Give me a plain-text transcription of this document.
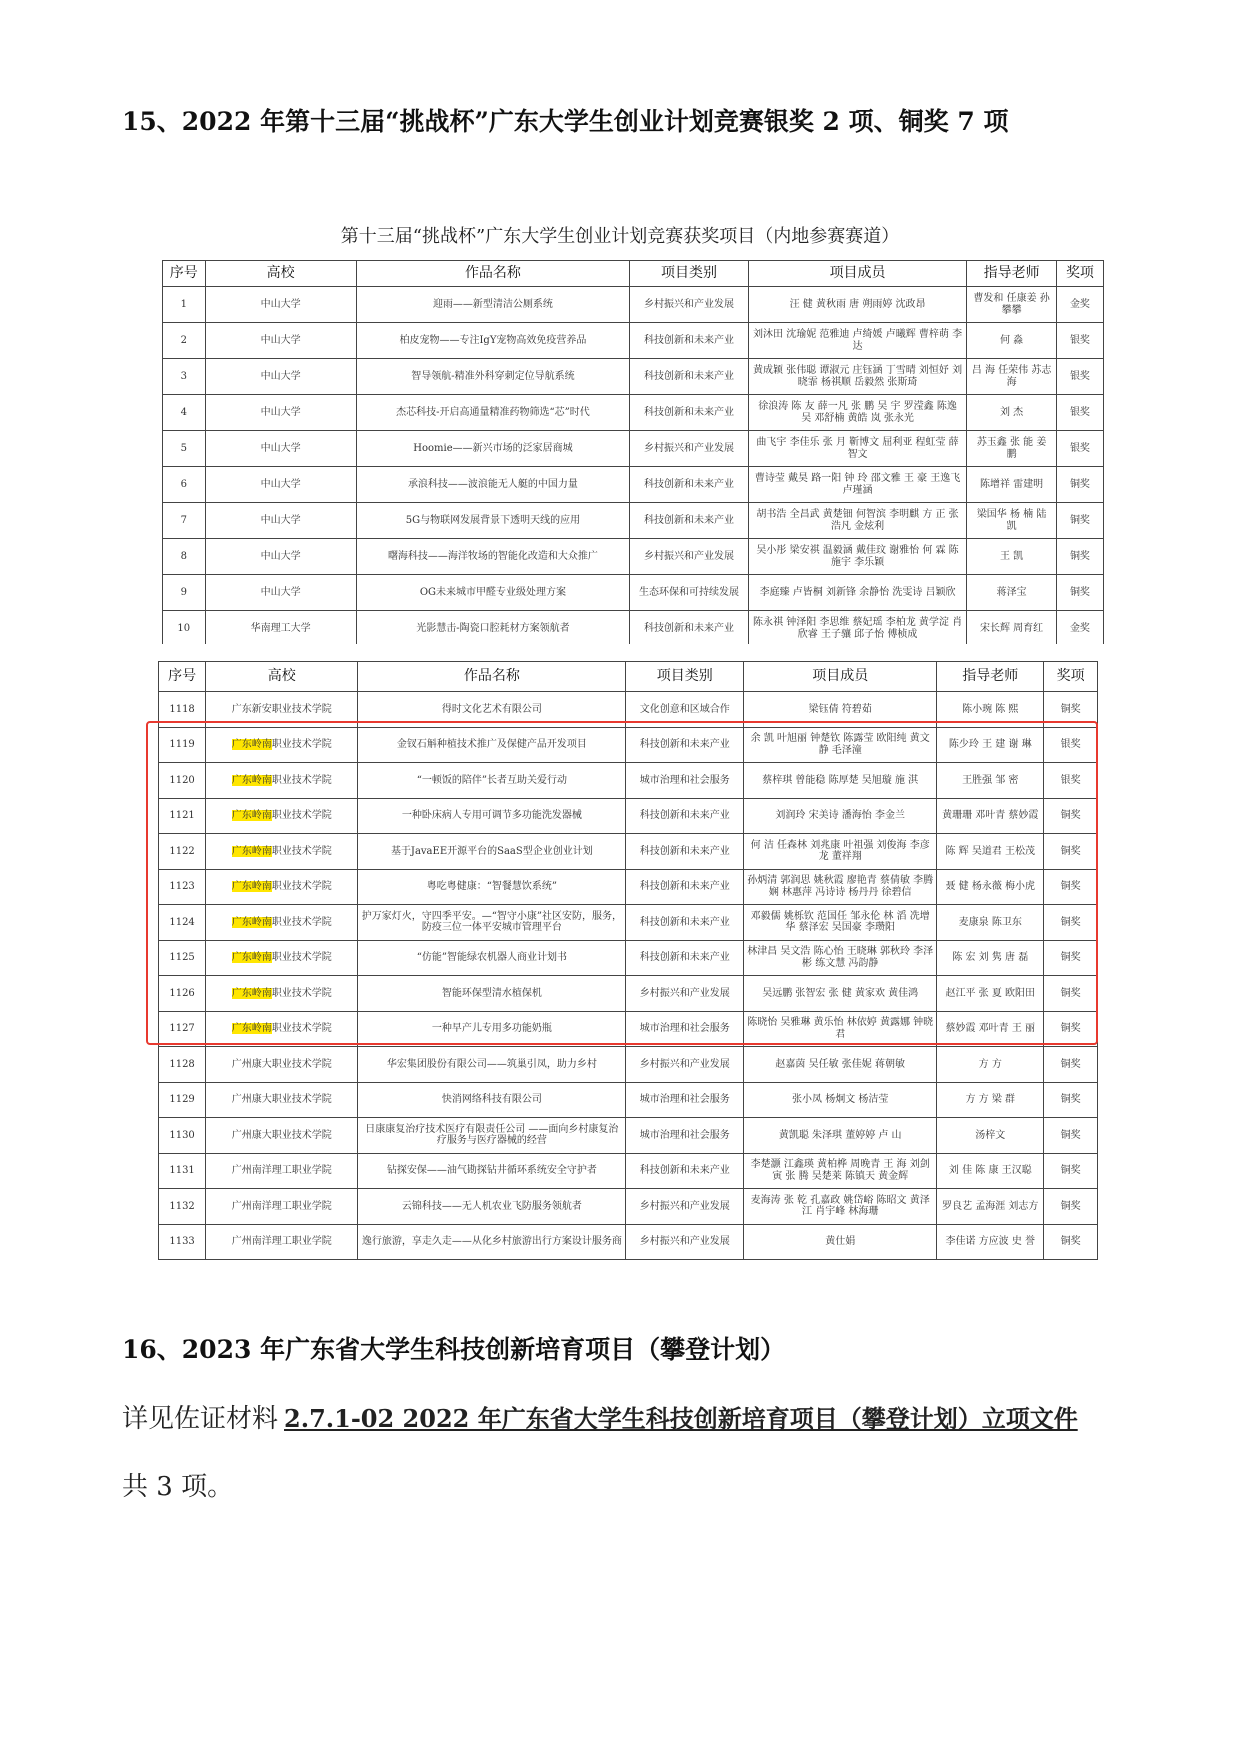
15、2022 年第十三届“挑战杯”广东大学生创业计划竞赛银奖 2 项、铜奖 7 项
第十三届“挑战杯”广东大学生创业计划竞赛获奖项目（内地参赛赛道）
序号	高校	作品名称	项目类别	项目成员	指导老师	奖项
1	中山大学	迎雨——新型清洁公厕系统	乡村振兴和产业发展	汪 健 黄秋雨 唐 朔雨婷 沈政昂	曹发和 任康姜 孙攀攀	金奖
2	中山大学	柏皮宠物——专注IgY宠物高效免疫营养品	科技创新和未来产业	刘沐田 沈瑜妮 范雅迪 卢绮媛 卢曦辉 曹梓萌 李 达	何 淼	银奖
3	中山大学	智导领航-精准外科穿刺定位导航系统	科技创新和未来产业	黄成颖 张伟聪 谭淑元 庄钰涵 丁雪晴 刘恒妤 刘晓霏 杨祺顺 岳毅然 张斯琦	吕 海 任荣伟 苏志海	银奖
4	中山大学	杰芯科技-开启高通量精准药物筛选“芯”时代	科技创新和未来产业	徐浪涛 陈 友 薛一凡 张 鹏 吴 宇 罗滢鑫 陈逸 吴 邓舒楠 黄皓 岚 张永光	刘 杰	银奖
5	中山大学	Hoomie——新兴市场的泛家居商城	乡村振兴和产业发展	曲飞宇 李佳乐 张 月 靳博文 屈利亚 程虹莹 薛智文	苏玉鑫 张 能 姜 鹏	银奖
6	中山大学	承浪科技——波浪能无人艇的中国力量	科技创新和未来产业	曹诗莹 戴昊 路一阳 钟 玲 邵文雅 王 豪 王逸飞 卢瑾涵	陈增祥 雷建明	铜奖
7	中山大学	5G与物联网发展背景下透明天线的应用	科技创新和未来产业	胡书浩 全昌武 黄楚钿 何智滨 李明麒 方 正 张浩凡 金炫利	梁国华 杨 楠 陆 凯	铜奖
8	中山大学	曙海科技——海洋牧场的智能化改造和大众推广	乡村振兴和产业发展	吴小彤 梁安祺 温毅涵 戴佳玟 谢雅怡 何 霖 陈施宇 李乐颖	王 凯	铜奖
9	中山大学	OG未来城市甲醛专业级处理方案	生态环保和可持续发展	李庭臻 卢皆桐 刘新锋 余静怡 洗雯诗 吕颖欣	蒋泽宝	铜奖
10	华南理工大学	光影慧击-陶瓷口腔耗材方案领航者	科技创新和未来产业	陈永祺 钟泽阳 李思维 蔡妃瑶 李柏龙 黄学淀 肖欣睿 王子骧 邱子怡 傅桢成	宋长辉 周育红	金奖
序号	高校	作品名称	项目类别	项目成员	指导老师	奖项
1118	广东新安职业技术学院	得时文化艺术有限公司	文化创意和区域合作	梁钰倩 符碧茹	陈小琬 陈 熙	铜奖
1119	广东岭南职业技术学院	金钗石斛种植技术推广及保健产品开发项目	科技创新和未来产业	余 凯 叶旭丽 钟楚钦 陈露莹 欧阳纯 黄文静 毛泽潼	陈少玲 王 建 谢 琳	银奖
1120	广东岭南职业技术学院	“一顿饭的陪伴”长者互助关爱行动	城市治理和社会服务	蔡梓琪 曾能稳 陈厚楚 吴旭璇 施 淇	王胜强 邹 密	银奖
1121	广东岭南职业技术学院	一种卧床病人专用可调节多功能洗发器械	科技创新和未来产业	刘润玲 宋美诗 潘海怡 李金兰	黄珊珊 邓叶青 蔡妙霞	铜奖
1122	广东岭南职业技术学院	基于JavaEE开源平台的SaaS型企业创业计划	科技创新和未来产业	何 洁 任森林 刘兆康 叶祖强 刘俊海 李彦龙 董祥翔	陈 辉 吴道君 王松茂	铜奖
1123	广东岭南职业技术学院	粤吃粤健康：“智餐慧饮系统”	科技创新和未来产业	孙炳清 郭润思 姚秋霞 廖艳青 蔡倩敏 李腾娴 林惠萍 冯诗诗 杨丹丹 徐碧信	聂 健 杨永薇 梅小虎	铜奖
1124	广东岭南职业技术学院	护万家灯火，守四季平安。—“智守小康”社区安防，服务，防疫三位一体平安城市管理平台	科技创新和未来产业	邓毅儒 姚栎钦 范国任 邹永伦 林 滔 冼增华 蔡泽宏 吴国豪 李瓒阳	麦康泉 陈卫东	铜奖
1125	广东岭南职业技术学院	“仿能”智能绿农机器人商业计划书	科技创新和未来产业	林津昌 吴文浩 陈心怡 王晓琳 郭秋玲 李泽彬 练文慧 冯韵静	陈 宏 刘 隽 唐 磊	铜奖
1126	广东岭南职业技术学院	智能环保型清水植保机	乡村振兴和产业发展	吴远鹏 张智宏 张 健 黄家欢 黄佳鸿	赵江平 张 夏 欧阳田	铜奖
1127	广东岭南职业技术学院	一种早产儿专用多功能奶瓶	城市治理和社会服务	陈晓怡 吴雅琳 黄乐怡 林依婷 黄露娜 钟晓君	蔡妙霞 邓叶青 王 丽	铜奖
1128	广州康大职业技术学院	华宏集团股份有限公司——筑巢引凤，助力乡村	乡村振兴和产业发展	赵嘉茵 吴任敏 张佳妮 蒋朝敏	方 方	铜奖
1129	广州康大职业技术学院	快消网络科技有限公司	城市治理和社会服务	张小凤 杨炯文 杨洁莹	方 方 梁 群	铜奖
1130	广州康大职业技术学院	日康康复治疗技术医疗有限责任公司 ——面向乡村康复治疗服务与医疗器械的经营	城市治理和社会服务	黄凯聪 朱泽琪 董婷婷 卢 山	汤梓文	铜奖
1131	广州南洋理工职业学院	钻探安保——油气勘探钻井循环系统安全守护者	科技创新和未来产业	李楚灏 江鑫瑛 黄柏桦 周晚青 王 海 刘剑寅 张 腾 吴楚莱 陈镇天 黄金辉	刘 佳 陈 康 王汉聪	铜奖
1132	广州南洋理工职业学院	云锦科技——无人机农业飞防服务领航者	乡村振兴和产业发展	麦海涛 张 乾 孔嘉政 姚岱峪 陈昭文 黄泽江 肖宇峰 林海珊	罗良艺 孟海涯 刘志方	铜奖
1133	广州南洋理工职业学院	逸行旅游，享走久走——从化乡村旅游出行方案设计服务商	乡村振兴和产业发展	黄仕娟	李佳诺 方应波 史 誉	铜奖
16、2023 年广东省大学生科技创新培育项目（攀登计划）
详见佐证材料 2.7.1-02 2022 年广东省大学生科技创新培育项目（攀登计划）立项文件
共 3 项。
